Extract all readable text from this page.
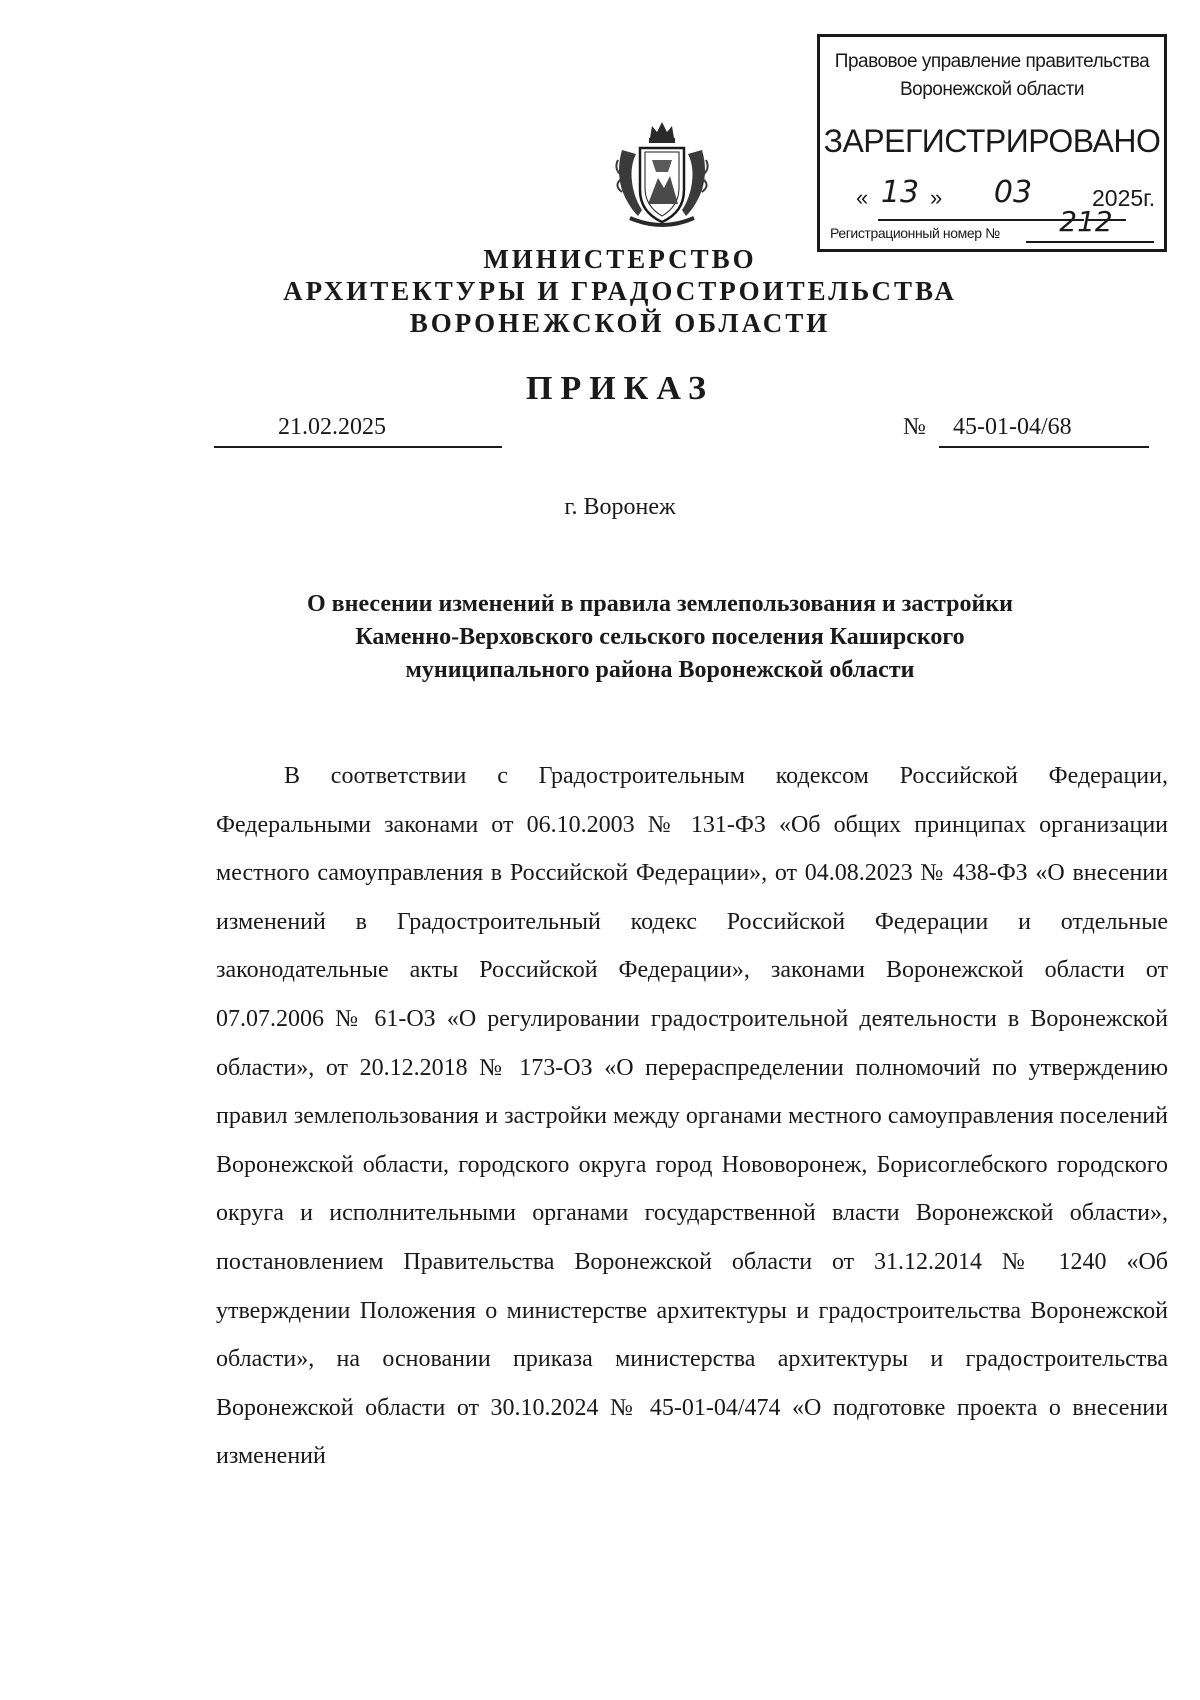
Правовое управление правительства
Воронежской области
ЗАРЕГИСТРИРОВАНО
« 13 »	03	2025г.
Регистрационный номер №	212
МИНИСТЕРСТВО
АРХИТЕКТУРЫ И ГРАДОСТРОИТЕЛЬСТВА
ВОРОНЕЖСКОЙ ОБЛАСТИ
ПРИКАЗ
21.02.2025	№ 45-01-04/68
г. Воронеж
О внесении изменений в правила землепользования и застройки
Каменно-Верховского сельского поселения Каширского
муниципального района Воронежской области

В соответствии с Градостроительным кодексом Российской Федерации, Федеральными законами от 06.10.2003 № 131-ФЗ «Об общих принципах организации местного самоуправления в Российской Федерации», от 04.08.2023 № 438-ФЗ «О внесении изменений в Градостроительный кодекс Российской Федерации и отдельные законодательные акты Российской Федерации», законами Воронежской области от 07.07.2006 № 61-ОЗ «О регулировании градостроительной деятельности в Воронежской области», от 20.12.2018 № 173-ОЗ «О перераспределении полномочий по утверждению правил землепользования и застройки между органами местного самоуправления поселений Воронежской области, городского округа город Нововоронеж, Борисоглебского городского округа и исполнительными органами государственной власти Воронежской области», постановлением Правительства Воронежской области от 31.12.2014 № 1240 «Об утверждении Положения о министерстве архитектуры и градостроительства Воронежской области», на основании приказа министерства архитектуры и градостроительства Воронежской области от 30.10.2024 № 45-01-04/474 «О подготовке проекта о внесении изменений
